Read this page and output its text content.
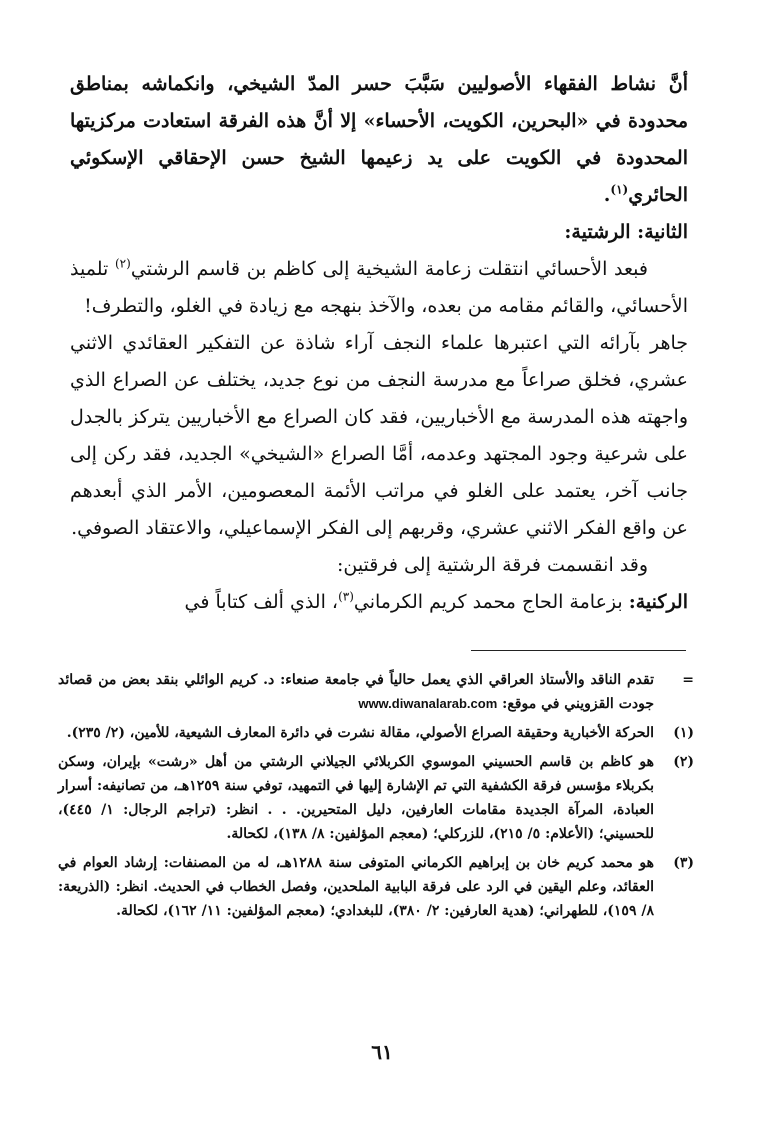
أنَّ نشاط الفقهاء الأصوليين سَبَّبَ حسر المدّ الشيخي، وانكماشه بمناطق محدودة في «البحرين، الكويت، الأحساء» إلا أنَّ هذه الفرقة استعادت مركزيتها المحدودة في الكويت على يد زعيمها الشيخ حسن الإحقاقي الإسكوئي الحائري$^{(١)}$.

الثانية: الرشتية:

فبعد الأحسائي انتقلت زعامة الشيخية إلى كاظم بن قاسم الرشتي$^{(٢)}$ تلميذ الأحسائي، والقائم مقامه من بعده، والآخذ بنهجه مع زيادة في الغلو، والتطرف!

جاهر بآرائه التي اعتبرها علماء النجف آراء شاذة عن التفكير العقائدي الاثني عشري، فخلق صراعاً مع مدرسة النجف من نوع جديد، يختلف عن الصراع الذي واجهته هذه المدرسة مع الأخباريين، فقد كان الصراع مع الأخباريين يتركز بالجدل على شرعية وجود المجتهد وعدمه، أمَّا الصراع «الشيخي» الجديد، فقد ركن إلى جانب آخر، يعتمد على الغلو في مراتب الأئمة المعصومين، الأمر الذي أبعدهم عن واقع الفكر الاثني عشري، وقربهم إلى الفكر الإسماعيلي، والاعتقاد الصوفي.

وقد انقسمت فرقة الرشتية إلى فرقتين:

الركنية: بزعامة الحاج محمد كريم الكرماني$^{(٣)}$، الذي ألف كتاباً في

=
تقدم الناقد والأستاذ العراقي الذي يعمل حالياً في جامعة صنعاء: د. كريم الوائلي بنقد بعض من قصائد جودت القزويني في موقع: www.diwanalarab.com
(١)
الحركة الأخبارية وحقيقة الصراع الأصولي، مقالة نشرت في دائرة المعارف الشيعية، للأمين، (٢/ ٢٣٥).
(٢)
هو كاظم بن قاسم الحسيني الموسوي الكربلائي الجيلاني الرشتي من أهل «رشت» بإيران، وسكن بكربلاء مؤسس فرقة الكشفية التي تم الإشارة إليها في التمهيد، توفي سنة ١٢٥٩هـ، من تصانيفه: أسرار العبادة، المرآة الجديدة مقامات العارفين، دليل المتحيرين. . . انظر: (تراجم الرجال: ١/ ٤٤٥)، للحسيني؛ (الأعلام: ٥/ ٢١٥)، للزركلي؛ (معجم المؤلفين: ٨/ ١٣٨)، لكحالة.
(٣)
هو محمد كريم خان بن إبراهيم الكرماني المتوفى سنة ١٢٨٨هـ، له من المصنفات: إرشاد العوام في العقائد، وعلم اليقين في الرد على فرقة البابية الملحدين، وفصل الخطاب في الحديث. انظر: (الذريعة: ٨/ ١٥٩)، للطهراني؛ (هدية العارفين: ٢/ ٣٨٠)، للبغدادي؛ (معجم المؤلفين: ١١/ ١٦٢)، لكحالة.
٦١
